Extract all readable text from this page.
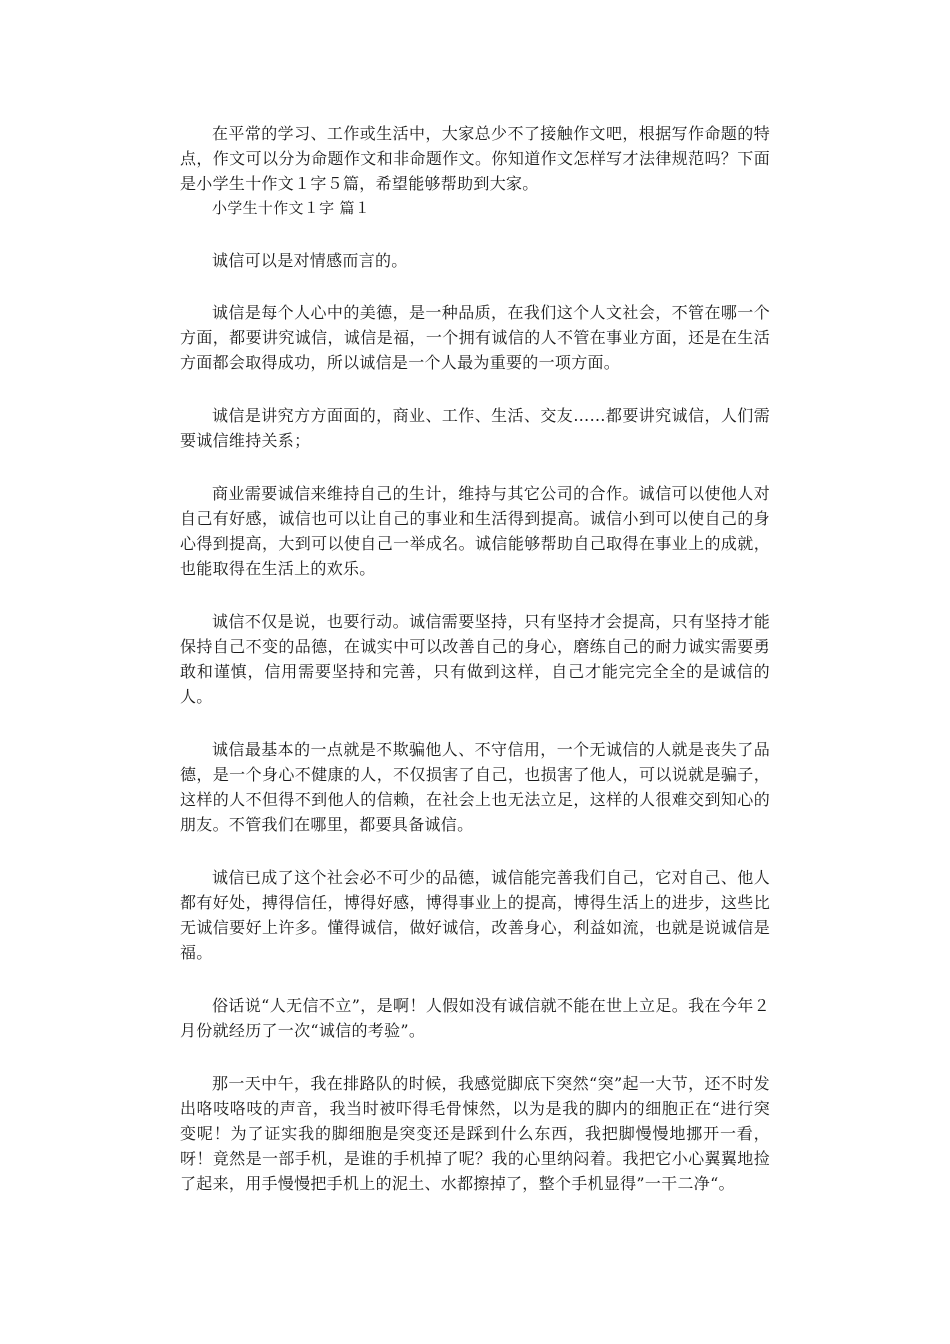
在平常的学习、工作或生活中，大家总少不了接触作文吧，根据写作命题的特点，作文可以分为命题作文和非命题作文。你知道作文怎样写才法律规范吗？下面是小学生十作文１字５篇，希望能够帮助到大家。

小学生十作文１字 篇１

诚信可以是对情感而言的。

诚信是每个人心中的美德，是一种品质，在我们这个人文社会，不管在哪一个方面，都要讲究诚信，诚信是福，一个拥有诚信的人不管在事业方面，还是在生活方面都会取得成功，所以诚信是一个人最为重要的一项方面。

诚信是讲究方方面面的，商业、工作、生活、交友……都要讲究诚信，人们需要诚信维持关系；

商业需要诚信来维持自己的生计，维持与其它公司的合作。诚信可以使他人对自己有好感，诚信也可以让自己的事业和生活得到提高。诚信小到可以使自己的身心得到提高，大到可以使自己一举成名。诚信能够帮助自己取得在事业上的成就，也能取得在生活上的欢乐。

诚信不仅是说，也要行动。诚信需要坚持，只有坚持才会提高，只有坚持才能保持自己不变的品德，在诚实中可以改善自己的身心，磨练自己的耐力诚实需要勇敢和谨慎，信用需要坚持和完善，只有做到这样，自己才能完完全全的是诚信的人。

诚信最基本的一点就是不欺骗他人、不守信用，一个无诚信的人就是丧失了品德，是一个身心不健康的人，不仅损害了自己，也损害了他人，可以说就是骗子，这样的人不但得不到他人的信赖，在社会上也无法立足，这样的人很难交到知心的朋友。不管我们在哪里，都要具备诚信。

诚信已成了这个社会必不可少的品德，诚信能完善我们自己，它对自己、他人都有好处，搏得信任，博得好感，博得事业上的提高，博得生活上的进步，这些比无诚信要好上许多。懂得诚信，做好诚信，改善身心，利益如流，也就是说诚信是福。

俗话说“人无信不立”，是啊！人假如没有诚信就不能在世上立足。我在今年２月份就经历了一次“诚信的考验”。

那一天中午，我在排路队的时候，我感觉脚底下突然“突”起一大节，还不时发出咯吱咯吱的声音，我当时被吓得毛骨悚然，以为是我的脚内的细胞正在“进行突变呢！为了证实我的脚细胞是突变还是踩到什么东西，我把脚慢慢地挪开一看，呀！竟然是一部手机，是谁的手机掉了呢？我的心里纳闷着。我把它小心翼翼地捡了起来，用手慢慢把手机上的泥土、水都擦掉了，整个手机显得”一干二净“。
